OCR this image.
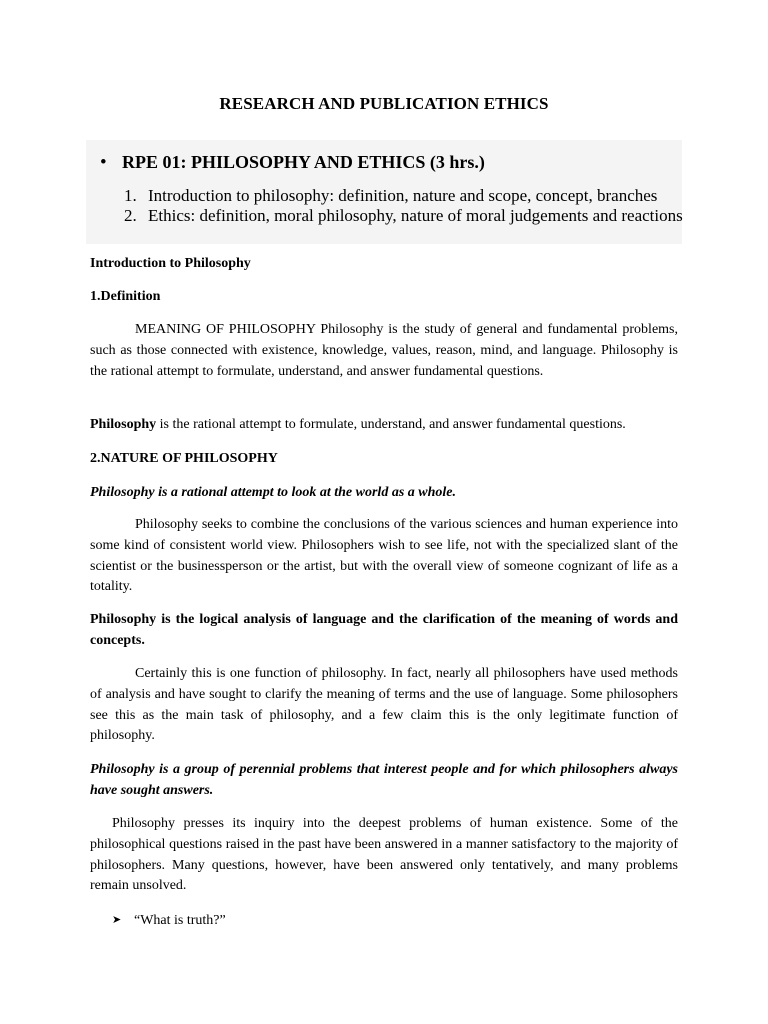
RESEARCH AND PUBLICATION ETHICS
• RPE 01: PHILOSOPHY AND ETHICS (3 hrs.)
1. Introduction to philosophy: definition, nature and scope, concept, branches
2. Ethics: definition, moral philosophy, nature of moral judgements and reactions
Introduction to Philosophy
1.Definition

MEANING OF PHILOSOPHY Philosophy is the study of general and fundamental problems, such as those connected with existence, knowledge, values, reason, mind, and language. Philosophy is the rational attempt to formulate, understand, and answer fundamental questions.

Philosophy is the rational attempt to formulate, understand, and answer fundamental questions.

2.NATURE OF PHILOSOPHY
Philosophy is a rational attempt to look at the world as a whole.

Philosophy seeks to combine the conclusions of the various sciences and human experience into some kind of consistent world view. Philosophers wish to see life, not with the specialized slant of the scientist or the businessperson or the artist, but with the overall view of someone cognizant of life as a totality.

Philosophy is the logical analysis of language and the clarification of the meaning of words and concepts.

Certainly this is one function of philosophy. In fact, nearly all philosophers have used methods of analysis and have sought to clarify the meaning of terms and the use of language. Some philosophers see this as the main task of philosophy, and a few claim this is the only legitimate function of philosophy.

Philosophy is a group of perennial problems that interest people and for which philosophers always have sought answers.

Philosophy presses its inquiry into the deepest problems of human existence. Some of the philosophical questions raised in the past have been answered in a manner satisfactory to the majority of philosophers. Many questions, however, have been answered only tentatively, and many problems remain unsolved.

➤ “What is truth?”
